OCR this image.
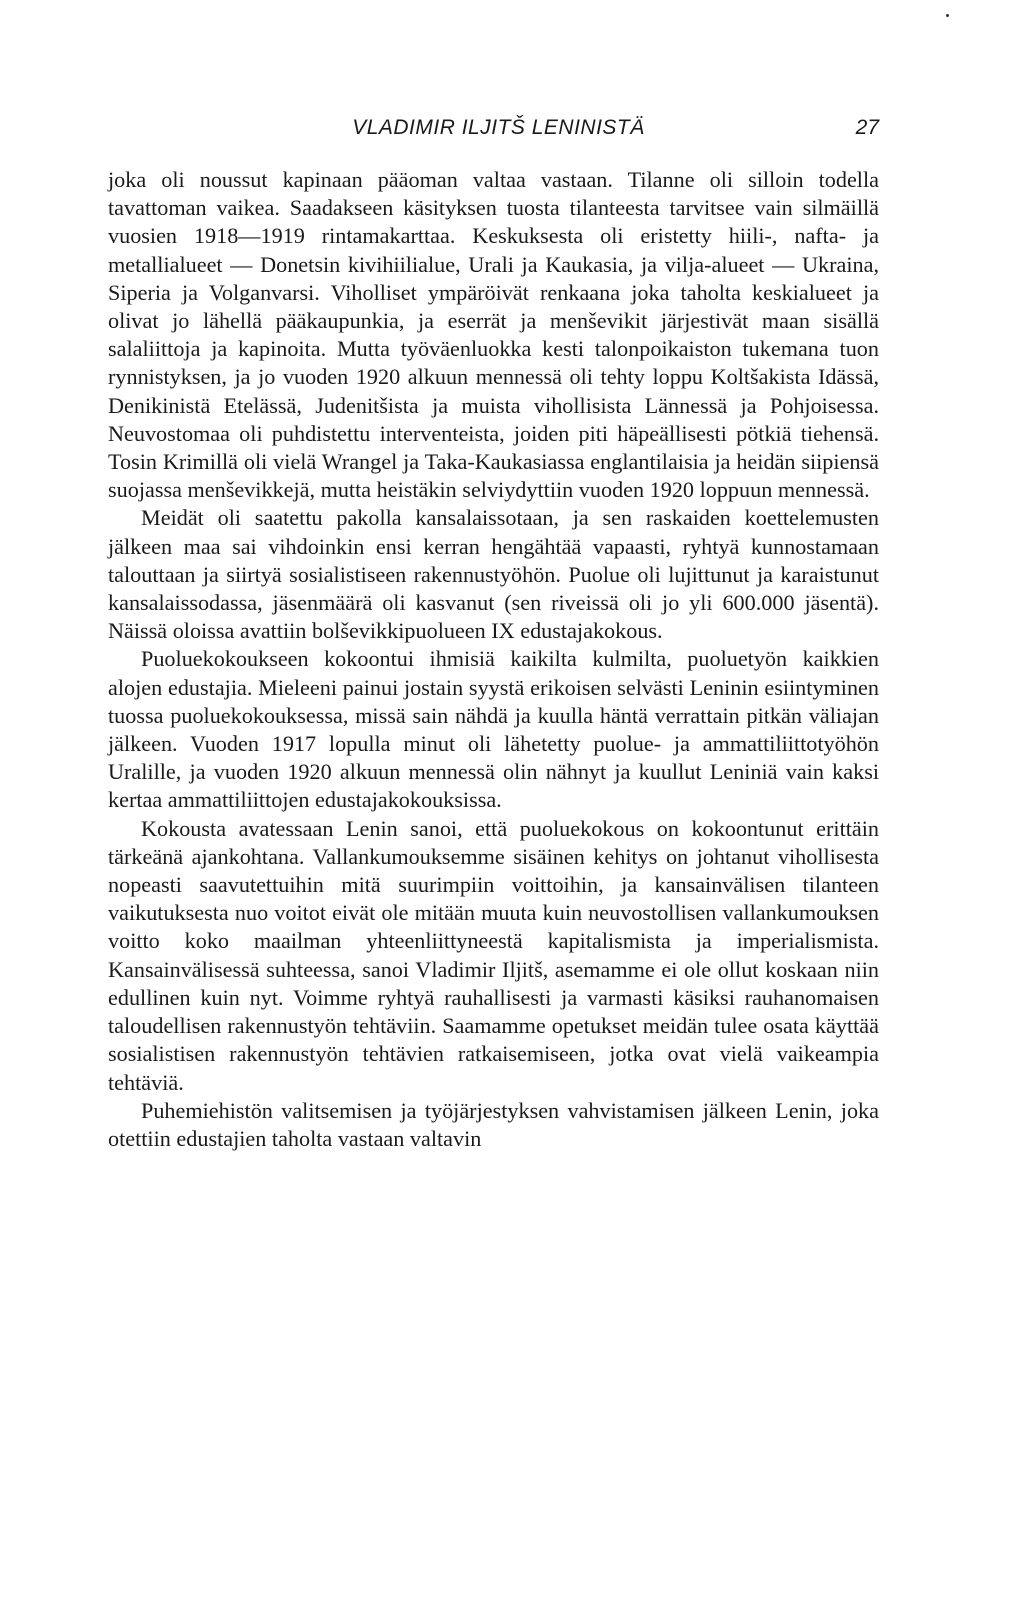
VLADIMIR ILJITŠ LENINISTÄ	27

joka oli noussut kapinaan pääoman valtaa vastaan. Tilanne oli silloin todella tavattoman vaikea. Saadakseen käsityksen tuosta tilanteesta tarvitsee vain silmäillä vuosien 1918—1919 rintamakarttaa. Keskuksesta oli eristetty hiili-, nafta- ja metallialueet — Donetsin kivihiilialue, Urali ja Kaukasia, ja vilja-alueet — Ukraina, Siperia ja Volganvarsi. Viholliset ympäröivät renkaana joka taholta keskialueet ja olivat jo lähellä pääkaupunkia, ja eserrät ja menševikit järjestivät maan sisällä salaliittoja ja kapinoita. Mutta työväenluokka kesti talonpoikaiston tukemana tuon rynnistyksen, ja jo vuoden 1920 alkuun mennessä oli tehty loppu Koltšakista Idässä, Denikinistä Etelässä, Judenitšista ja muista vihollisista Lännessä ja Pohjoisessa. Neuvostomaa oli puhdistettu interventeista, joiden piti häpeällisesti pötkiä tiehensä. Tosin Krimillä oli vielä Wrangel ja Taka-Kaukasiassa englantilaisia ja heidän siipiensä suojassa menševikkejä, mutta heistäkin selviydyttiin vuoden 1920 loppuun mennessä.

Meidät oli saatettu pakolla kansalaissotaan, ja sen raskaiden koettelemusten jälkeen maa sai vihdoinkin ensi kerran hengähtää vapaasti, ryhtyä kunnostamaan talouttaan ja siirtyä sosialistiseen rakennustyöhön. Puolue oli lujittunut ja karaistunut kansalaissodassa, jäsenmäärä oli kasvanut (sen riveissä oli jo yli 600.000 jäsentä). Näissä oloissa avattiin bolševikkipuolueen IX edustajakokous.

Puoluekokoukseen kokoontui ihmisiä kaikilta kulmilta, puoluetyön kaikkien alojen edustajia. Mieleeni painui jostain syystä erikoisen selvästi Leninin esiintyminen tuossa puoluekokouksessa, missä sain nähdä ja kuulla häntä verrattain pitkän väliajan jälkeen. Vuoden 1917 lopulla minut oli lähetetty puolue- ja ammattiliittotyöhön Uralille, ja vuoden 1920 alkuun mennessä olin nähnyt ja kuullut Leniniä vain kaksi kertaa ammattiliittojen edustajakokouksissa.

Kokousta avatessaan Lenin sanoi, että puoluekokous on kokoontunut erittäin tärkeänä ajankohtana. Vallankumouksemme sisäinen kehitys on johtanut vihollisesta nopeasti saavutettuihin mitä suurimpiin voittoihin, ja kansainvälisen tilanteen vaikutuksesta nuo voitot eivät ole mitään muuta kuin neuvostollisen vallankumouksen voitto koko maailman yhteenliittyneestä kapitalismista ja imperialismista. Kansainvälisessä suhteessa, sanoi Vladimir Iljitš, asemamme ei ole ollut koskaan niin edullinen kuin nyt. Voimme ryhtyä rauhallisesti ja varmasti käsiksi rauhanomaisen taloudellisen rakennustyön tehtäviin. Saamamme opetukset meidän tulee osata käyttää sosialistisen rakennustyön tehtävien ratkaisemiseen, jotka ovat vielä vaikeampia tehtäviä.

Puhemiehistön valitsemisen ja työjärjestyksen vahvistamisen jälkeen Lenin, joka otettiin edustajien taholta vastaan valtavin
